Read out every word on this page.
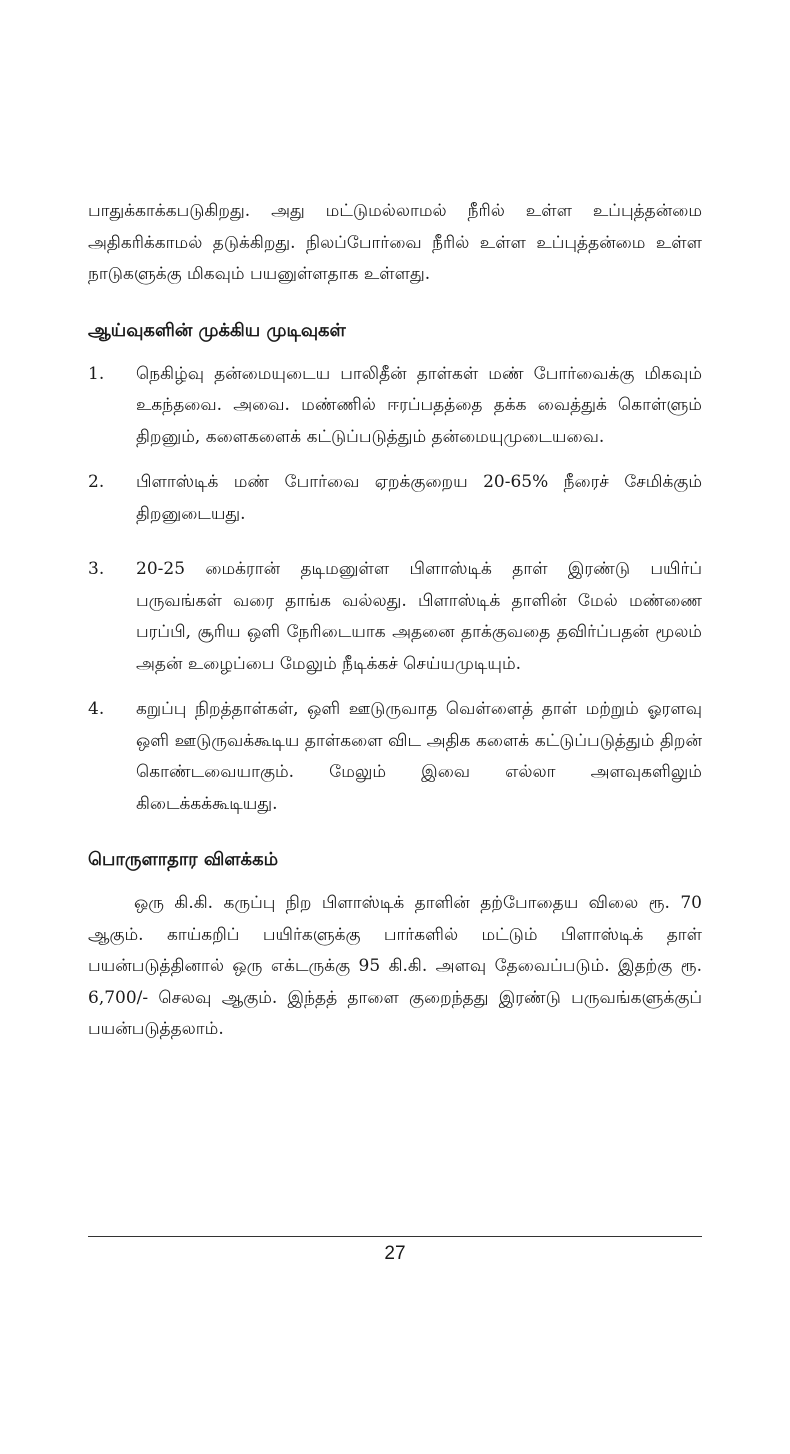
பாதுக்காக்கபடுகிறது. அது மட்டுமல்லாமல் நீரில் உள்ள உப்புத்தன்மை அதிகரிக்காமல் தடுக்கிறது. நிலப்போர்வை நீரில் உள்ள உப்புத்தன்மை உள்ள நாடுகளுக்கு மிகவும் பயனுள்ளதாக உள்ளது.

ஆய்வுகளின் முக்கிய முடிவுகள்
1. நெகிழ்வு தன்மையுடைய பாலிதீன் தாள்கள் மண் போர்வைக்கு மிகவும் உகந்தவை. அவை. மண்ணில் ஈரப்பதத்தை தக்க வைத்துக் கொள்ளும் திறனும், களைகளைக் கட்டுப்படுத்தும் தன்மையுமுடையவை.
2. பிளாஸ்டிக் மண் போர்வை ஏறக்குறைய 20-65% நீரைச் சேமிக்கும் திறனுடையது.
3. 20-25 மைக்ரான் தடிமனுள்ள பிளாஸ்டிக் தாள் இரண்டு பயிர்ப் பருவங்கள் வரை தாங்க வல்லது. பிளாஸ்டிக் தாளின் மேல் மண்ணை பரப்பி, சூரிய ஒளி நேரிடையாக அதனை தாக்குவதை தவிர்ப்பதன் மூலம் அதன் உழைப்பை மேலும் நீடிக்கச் செய்யமுடியும்.
4. கறுப்பு நிறத்தாள்கள், ஒளி ஊடுருவாத வெள்ளைத் தாள் மற்றும் ஓரளவு ஒளி ஊடுருவக்கூடிய தாள்களை விட அதிக களைக் கட்டுப்படுத்தும் திறன் கொண்டவையாகும். மேலும் இவை எல்லா அளவுகளிலும் கிடைக்கக்கூடியது.
பொருளாதார விளக்கம்

ஒரு கி.கி. கருப்பு நிற பிளாஸ்டிக் தாளின் தற்போதைய விலை ரூ. 70 ஆகும். காய்கறிப் பயிர்களுக்கு பார்களில் மட்டும் பிளாஸ்டிக் தாள் பயன்படுத்தினால் ஒரு எக்டருக்கு 95 கி.கி. அளவு தேவைப்படும். இதற்கு ரூ. 6,700/- செலவு ஆகும். இந்தத் தாளை குறைந்தது இரண்டு பருவங்களுக்குப் பயன்படுத்தலாம்.

27
